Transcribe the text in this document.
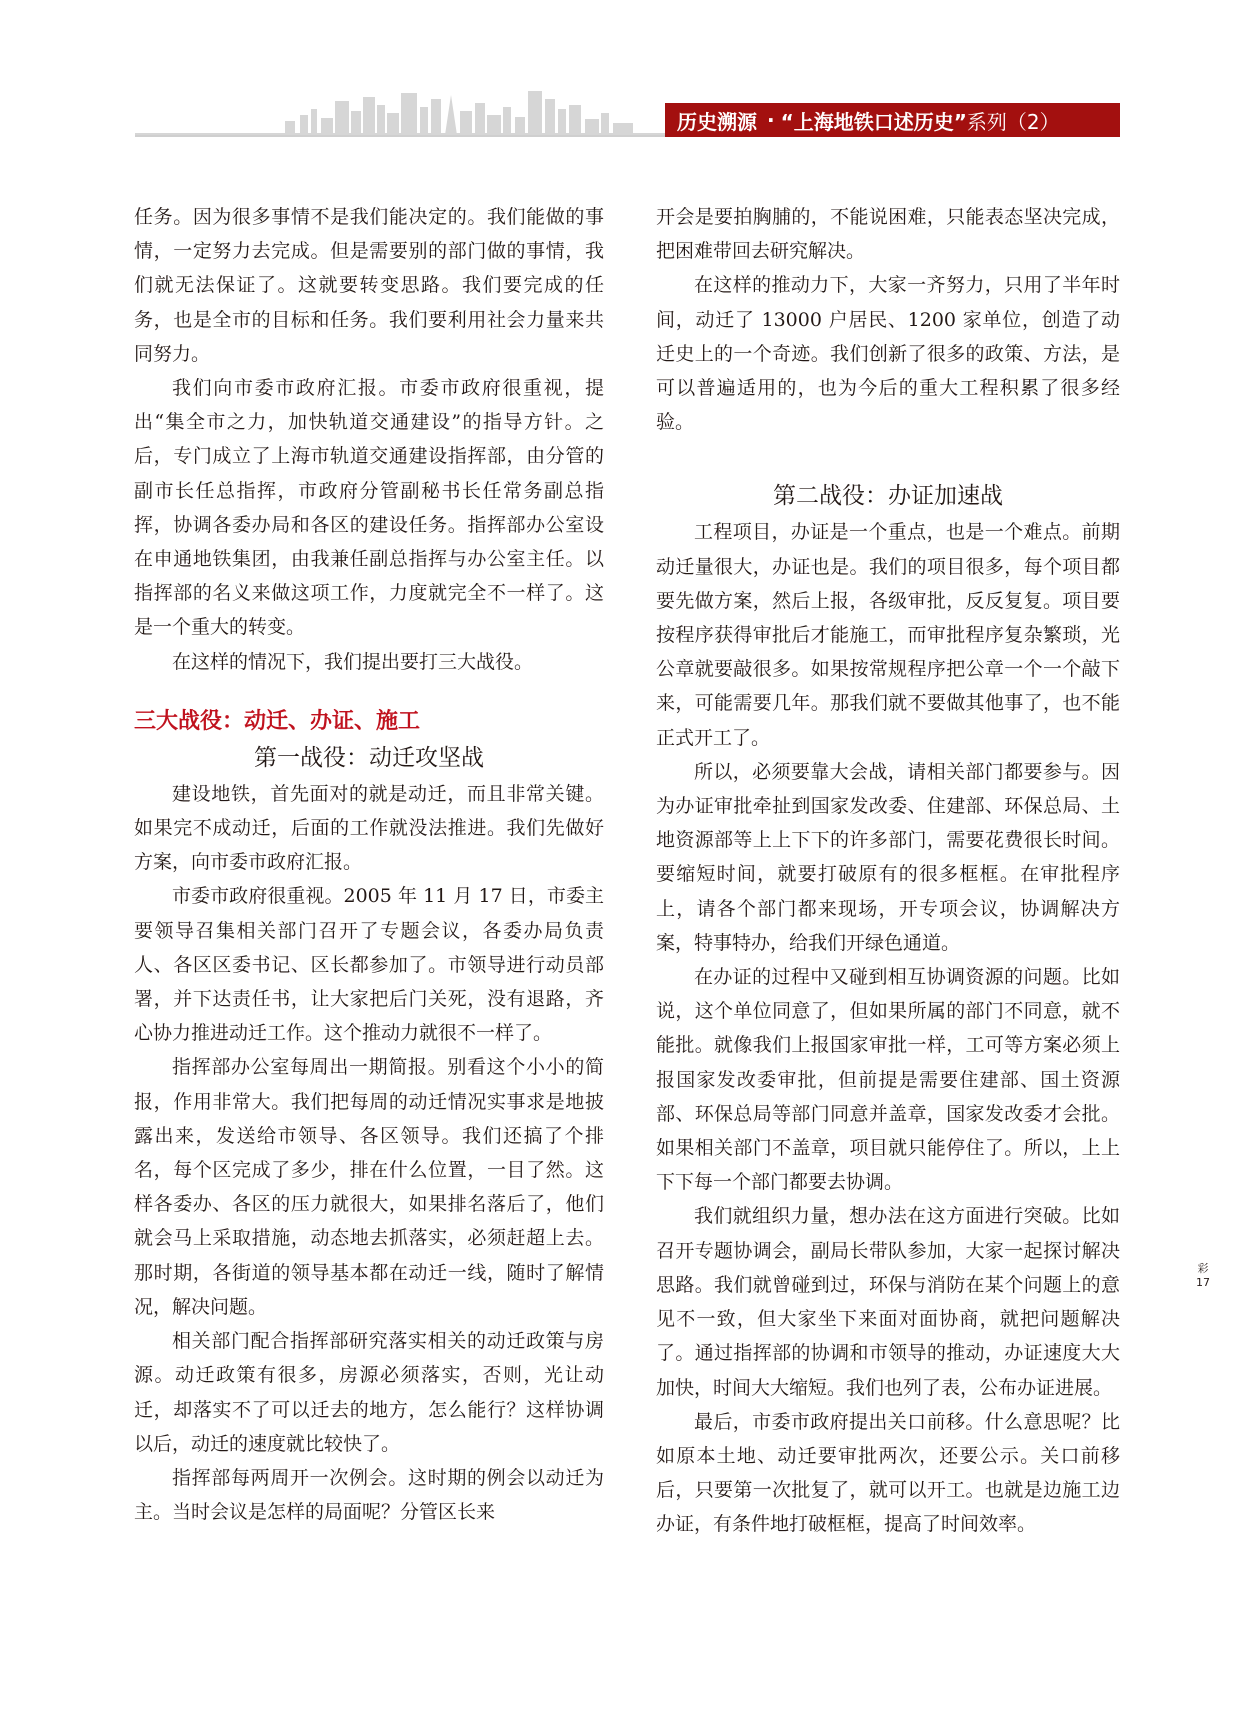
历史溯源 · “上海地铁口述历史” 系列（2）

任务。因为很多事情不是我们能决定的。我们能做的事情，一定努力去完成。但是需要别的部门做的事情，我们就无法保证了。这就要转变思路。我们要完成的任务，也是全市的目标和任务。我们要利用社会力量来共同努力。

我们向市委市政府汇报。市委市政府很重视，提出“集全市之力，加快轨道交通建设”的指导方针。之后，专门成立了上海市轨道交通建设指挥部，由分管的副市长任总指挥，市政府分管副秘书长任常务副总指挥，协调各委办局和各区的建设任务。指挥部办公室设在申通地铁集团，由我兼任副总指挥与办公室主任。以指挥部的名义来做这项工作，力度就完全不一样了。这是一个重大的转变。

在这样的情况下，我们提出要打三大战役。

三大战役：动迁、办证、施工
第一战役：动迁攻坚战

建设地铁，首先面对的就是动迁，而且非常关键。如果完不成动迁，后面的工作就没法推进。我们先做好方案，向市委市政府汇报。

市委市政府很重视。2005 年 11 月 17 日，市委主要领导召集相关部门召开了专题会议，各委办局负责人、各区区委书记、区长都参加了。市领导进行动员部署，并下达责任书，让大家把后门关死，没有退路，齐心协力推进动迁工作。这个推动力就很不一样了。

指挥部办公室每周出一期简报。别看这个小小的简报，作用非常大。我们把每周的动迁情况实事求是地披露出来，发送给市领导、各区领导。我们还搞了个排名，每个区完成了多少，排在什么位置，一目了然。这样各委办、各区的压力就很大，如果排名落后了，他们就会马上采取措施，动态地去抓落实，必须赶超上去。那时期，各街道的领导基本都在动迁一线，随时了解情况，解决问题。

相关部门配合指挥部研究落实相关的动迁政策与房源。动迁政策有很多，房源必须落实，否则，光让动迁，却落实不了可以迁去的地方，怎么能行？这样协调以后，动迁的速度就比较快了。

指挥部每两周开一次例会。这时期的例会以动迁为主。当时会议是怎样的局面呢？分管区长来

开会是要拍胸脯的，不能说困难，只能表态坚决完成，把困难带回去研究解决。

在这样的推动力下，大家一齐努力，只用了半年时间，动迁了 13000 户居民、1200 家单位，创造了动迁史上的一个奇迹。我们创新了很多的政策、方法，是可以普遍适用的，也为今后的重大工程积累了很多经验。

第二战役：办证加速战

工程项目，办证是一个重点，也是一个难点。前期动迁量很大，办证也是。我们的项目很多，每个项目都要先做方案，然后上报，各级审批，反反复复。项目要按程序获得审批后才能施工，而审批程序复杂繁琐，光公章就要敲很多。如果按常规程序把公章一个一个敲下来，可能需要几年。那我们就不要做其他事了，也不能正式开工了。

所以，必须要靠大会战，请相关部门都要参与。因为办证审批牵扯到国家发改委、住建部、环保总局、土地资源部等上上下下的许多部门，需要花费很长时间。要缩短时间，就要打破原有的很多框框。在审批程序上，请各个部门都来现场，开专项会议，协调解决方案，特事特办，给我们开绿色通道。

在办证的过程中又碰到相互协调资源的问题。比如说，这个单位同意了，但如果所属的部门不同意，就不能批。就像我们上报国家审批一样，工可等方案必须上报国家发改委审批，但前提是需要住建部、国土资源部、环保总局等部门同意并盖章，国家发改委才会批。如果相关部门不盖章，项目就只能停住了。所以，上上下下每一个部门都要去协调。

我们就组织力量，想办法在这方面进行突破。比如召开专题协调会，副局长带队参加，大家一起探讨解决思路。我们就曾碰到过，环保与消防在某个问题上的意见不一致，但大家坐下来面对面协商，就把问题解决了。通过指挥部的协调和市领导的推动，办证速度大大加快，时间大大缩短。我们也列了表，公布办证进展。

最后，市委市政府提出关口前移。什么意思呢？比如原本土地、动迁要审批两次，还要公示。关口前移后，只要第一次批复了，就可以开工。也就是边施工边办证，有条件地打破框框，提高了时间效率。

彩
17
